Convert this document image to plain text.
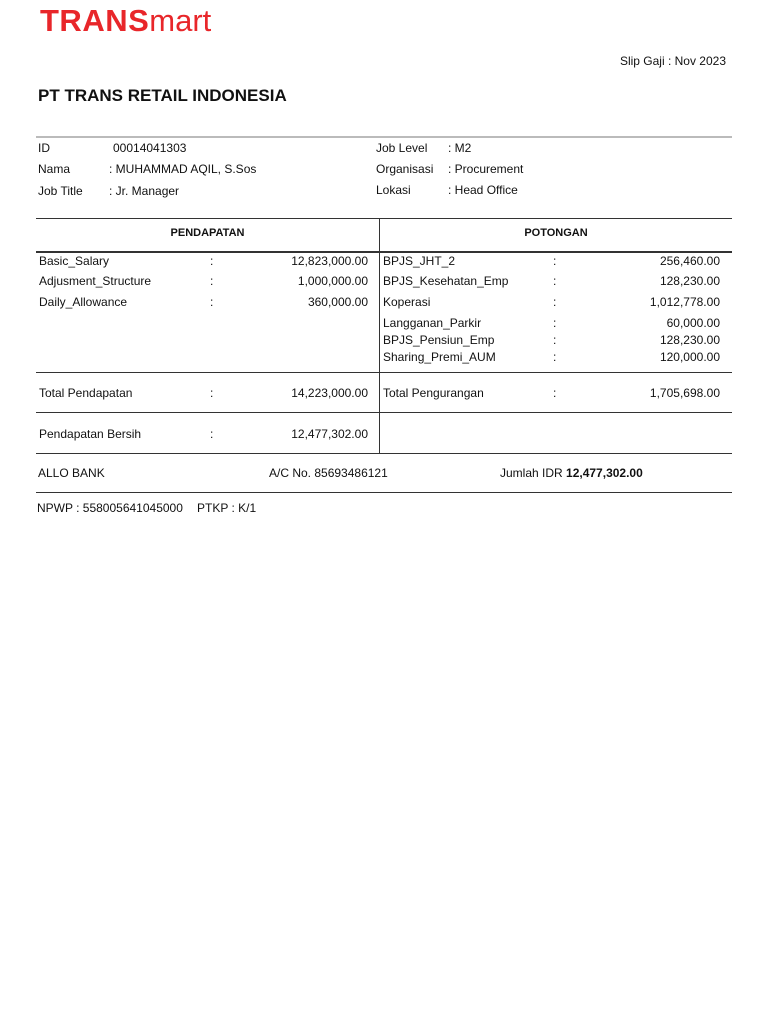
TRANSmart
Slip Gaji : Nov 2023
PT TRANS RETAIL INDONESIA
ID	00014041303
Nama	: MUHAMMAD AQIL, S.Sos
Job Title : Jr. Manager
Job Level : M2
Organisasi : Procurement
Lokasi	: Head Office
PENDAPATAN	POTONGAN
Basic_Salary	:	12,823,000.00
Adjusment_Structure	:	1,000,000.00
Daily_Allowance	:	360,000.00
BPJS_JHT_2	:	256,460.00
BPJS_Kesehatan_Emp	:	128,230.00
Koperasi	:	1,012,778.00
Langganan_Parkir	:	60,000.00
BPJS_Pensiun_Emp	:	128,230.00
Sharing_Premi_AUM	:	120,000.00
Total Pendapatan	:	14,223,000.00 Total Pengurangan	:	1,705,698.00
Pendapatan Bersih	:	12,477,302.00
ALLO BANK	A/C No. 85693486121	Jumlah IDR 12,477,302.00
NPWP : 558005641045000 PTKP : K/1
